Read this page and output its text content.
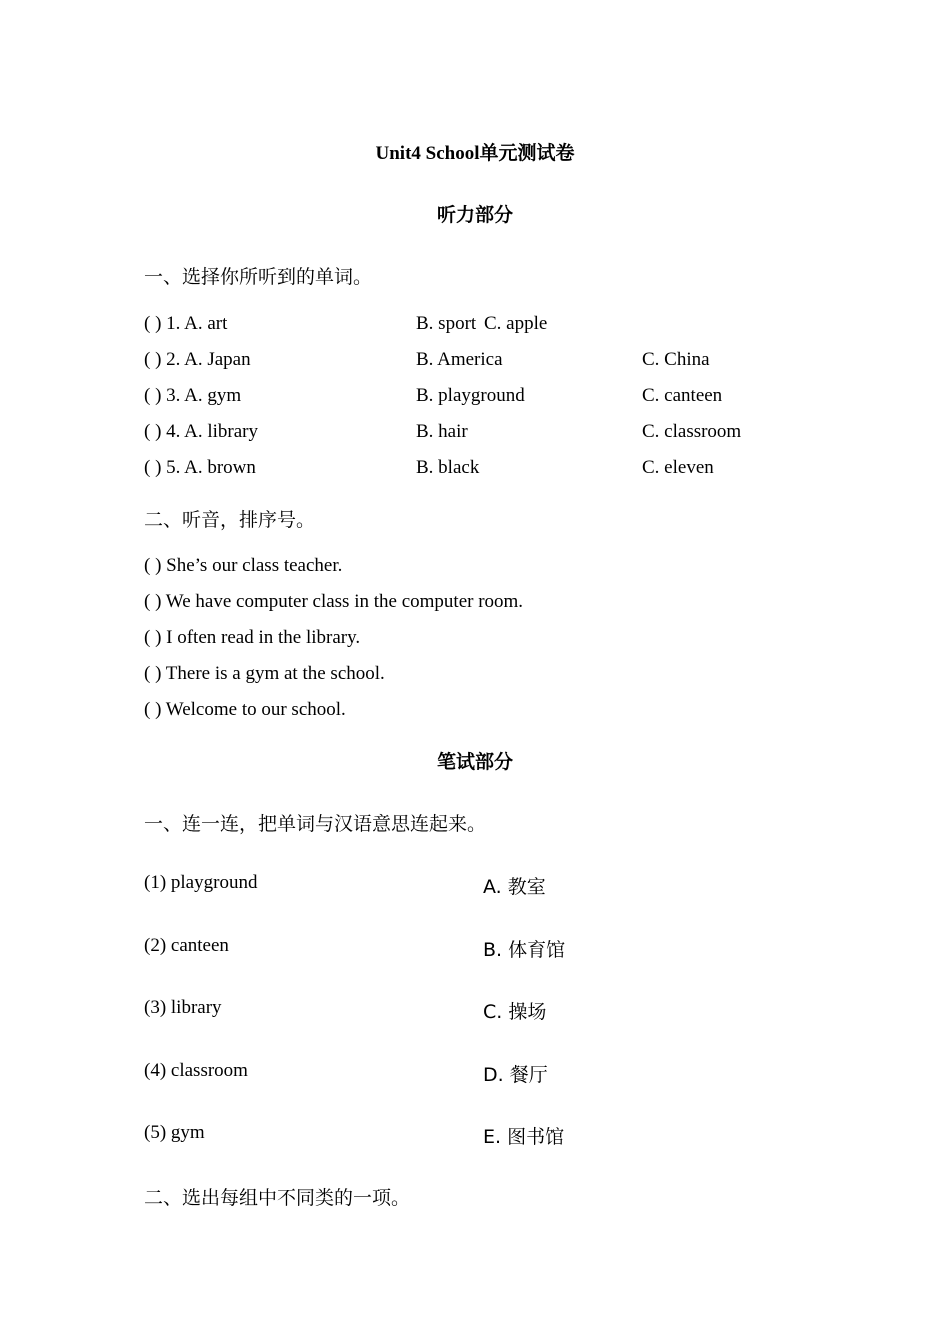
Unit4 School单元测试卷
听力部分
一、选择你所听到的单词。
( ) 1. A. art	B. sport C. apple
( ) 2. A. Japan	B. America	C. China
( ) 3. A. gym	B. playground	C. canteen
( ) 4. A. library	B. hair	C. classroom
( ) 5. A. brown	B. black	C. eleven
二、听音，排序号。
( ) She’s our class teacher.
( ) We have computer class in the computer room.
( ) I often read in the library.
( ) There is a gym at the school.
( ) Welcome to our school.
笔试部分
一、连一连，把单词与汉语意思连起来。
(1) playground	A. 教室
(2) canteen	B. 体育馆
(3) library	C. 操场
(4) classroom	D. 餐厅
(5) gym	E. 图书馆
二、选出每组中不同类的一项。
